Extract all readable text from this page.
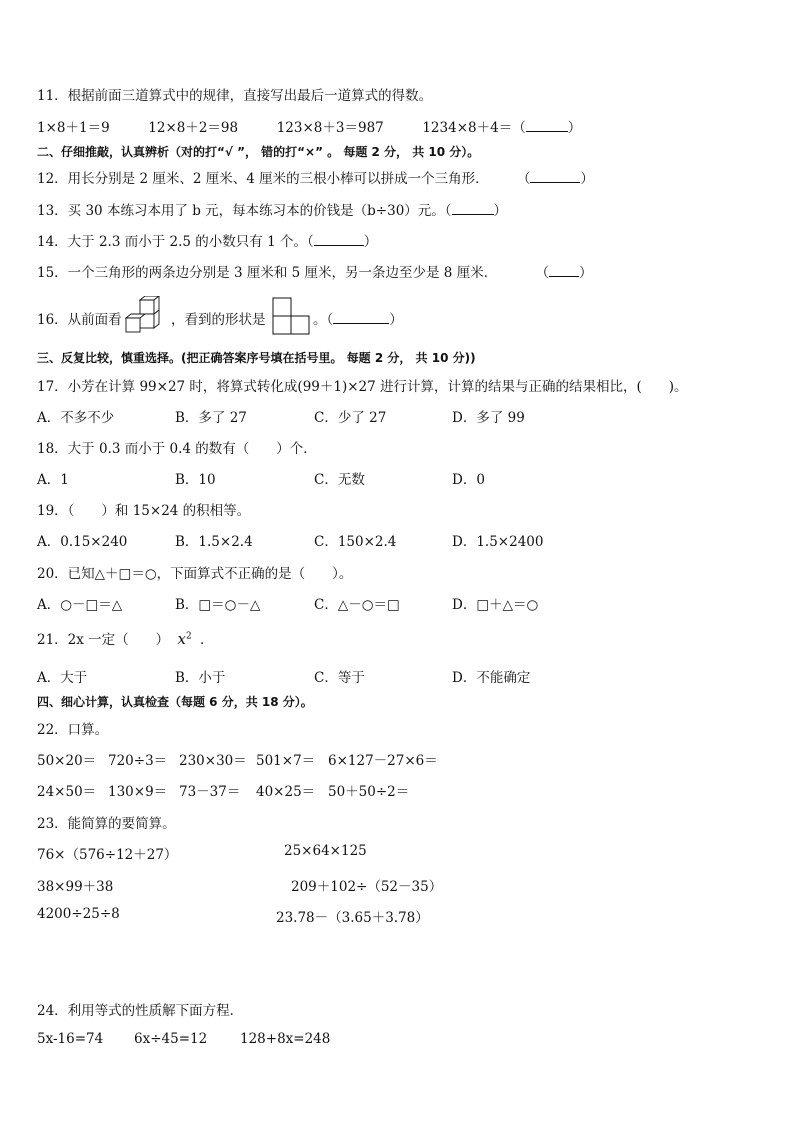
11．根据前面三道算式中的规律，直接写出最后一道算式的得数。
1×8＋1＝9	12×8＋2＝98	123×8＋3＝987	1234×8＋4＝（	）
二、仔细推敲，认真辨析（对的打“√ ”， 错的打“×” 。 每题 2 分， 共 10 分）。
12．用长分别是 2 厘米、2 厘米、4 厘米的三根小棒可以拼成一个三角形． （	）
13．买 30 本练习本用了 b 元，每本练习本的价钱是（b÷30）元。（	）
14．大于 2.3 而小于 2.5 的小数只有 1 个。（	）
15．一个三角形的两条边分别是 3 厘米和 5 厘米，另一条边至少是 8 厘米．	（ ）
16．从前面看	，看到的形状是	。（	）
三、反复比较，慎重选择。(把正确答案序号填在括号里。 每题 2 分， 共 10 分))
17．小芳在计算 99×27 时，将算式转化成(99＋1)×27 进行计算，计算的结果与正确的结果相比，(　　)。
A．不多不少	B．多了 27	C．少了 27	D．多了 99
18．大于 0.3 而小于 0.4 的数有（　　）个．
A．1	B．10	C．无数	D．0
19．（　　）和 15×24 的积相等。
A．0.15×240	B．1.5×2.4	C．150×2.4	D．1.5×2400
20．已知△＋□＝○，下面算式不正确的是（　　）。
A．○－□＝△	B．□＝○－△	C．△－○＝□	D．□＋△＝○
21．2x 一定（　　） $x^2$ ．
A．大于	B．小于	C．等于	D．不能确定
四、细心计算，认真检查（每题 6 分，共 18 分）。
22．口算。
50×20＝ 720÷3＝ 230×30＝ 501×7＝ 6×127－27×6＝
24×50＝ 130×9＝ 73－37＝ 40×25＝ 50＋50÷2＝
23．能简算的要简算。
76×（576÷12＋27）	25×64×125
38×99＋38	209＋102÷（52－35）
4200÷25÷8	23.78－（3.65＋3.78）
24．利用等式的性质解下面方程．
5x-16=74 6x÷45=12 128+8x=248
